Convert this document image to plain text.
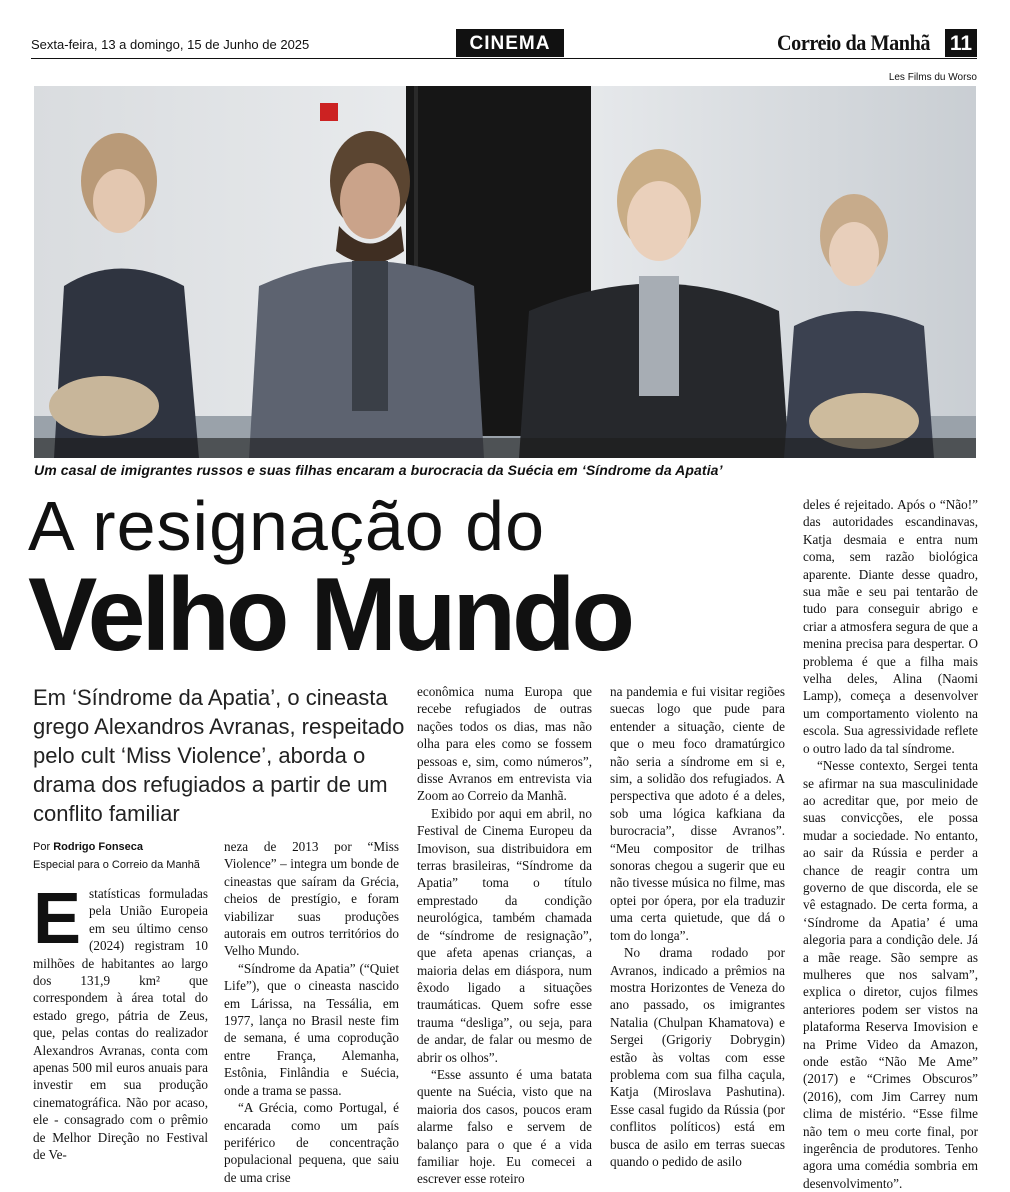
Sexta-feira, 13 a domingo, 15 de Junho de 2025	CINEMA	Correio da Manhã 11
Les Films du Worso
Um casal de imigrantes russos e suas filhas encaram a burocracia da Suécia em ‘Síndrome da Apatia’
A resignação do
Velho Mundo
Em ‘Síndrome da Apatia’, o cineasta grego Alexandros Avranas, respeitado pelo cult ‘Miss Violence’, aborda o drama dos refugiados a partir de um conflito familiar
Por Rodrigo Fonseca
Especial para o Correio da Manhã
E statísticas formuladas pela União Europeia em seu último censo (2024) registram 10 milhões de habitantes ao largo dos 131,9 km² que correspondem à área total do estado grego, pátria de Zeus, que, pelas contas do realizador Alexandros Avranas, conta com apenas 500 mil euros anuais para investir em sua produção cinematográfica. Não por acaso, ele - consagrado com o prêmio de Melhor Direção no Festival de Ve-

neza de 2013 por “Miss Violence” – integra um bonde de cineastas que saíram da Grécia, cheios de prestígio, e foram viabilizar suas produções autorais em outros territórios do Velho Mundo.

“Síndrome da Apatia” (“Quiet Life”), que o cineasta nascido em Lárissa, na Tessália, em 1977, lança no Brasil neste fim de semana, é uma coprodução entre França, Alemanha, Estônia, Finlândia e Suécia, onde a trama se passa.

“A Grécia, como Portugal, é encarada como um país periférico de concentração populacional pequena, que saiu de uma crise

econômica numa Europa que recebe refugiados de outras nações todos os dias, mas não olha para eles como se fossem pessoas e, sim, como números”, disse Avranos em entrevista via Zoom ao Correio da Manhã.

Exibido por aqui em abril, no Festival de Cinema Europeu da Imovison, sua distribuidora em terras brasileiras, “Síndrome da Apatia” toma o título emprestado da condição neurológica, também chamada de “síndrome de resignação”, que afeta apenas crianças, a maioria delas em diáspora, num êxodo ligado a situações traumáticas. Quem sofre esse trauma “desliga”, ou seja, para de andar, de falar ou mesmo de abrir os olhos”.

“Esse assunto é uma batata quente na Suécia, visto que na maioria dos casos, poucos eram alarme falso e servem de balanço para o que é a vida familiar hoje. Eu comecei a escrever esse roteiro

na pandemia e fui visitar regiões suecas logo que pude para entender a situação, ciente de que o meu foco dramatúrgico não seria a síndrome em si e, sim, a solidão dos refugiados. A perspectiva que adoto é a deles, sob uma lógica kafkiana da burocracia”, disse Avranos”. “Meu compositor de trilhas sonoras chegou a sugerir que eu não tivesse música no filme, mas optei por ópera, por ela traduzir uma certa quietude, que dá o tom do longa”.

No drama rodado por Avranos, indicado a prêmios na mostra Horizontes de Veneza do ano passado, os imigrantes Natalia (Chulpan Khamatova) e Sergei (Grigoriy Dobrygin) estão às voltas com esse problema com sua filha caçula, Katja (Miroslava Pashutina). Esse casal fugido da Rússia (por conflitos políticos) está em busca de asilo em terras suecas quando o pedido de asilo

deles é rejeitado. Após o “Não!” das autoridades escandinavas, Katja desmaia e entra num coma, sem razão biológica aparente. Diante desse quadro, sua mãe e seu pai tentarão de tudo para conseguir abrigo e criar a atmosfera segura de que a menina precisa para despertar. O problema é que a filha mais velha deles, Alina (Naomi Lamp), começa a desenvolver um comportamento violento na escola. Sua agressividade reflete o outro lado da tal síndrome.

“Nesse contexto, Sergei tenta se afirmar na sua masculinidade ao acreditar que, por meio de suas convicções, ele possa mudar a sociedade. No entanto, ao sair da Rússia e perder a chance de reagir contra um governo de que discorda, ele se vê estagnado. De certa forma, a ‘Síndrome da Apatia’ é uma alegoria para a condição dele. Já a mãe reage. São sempre as mulheres que nos salvam”, explica o diretor, cujos filmes anteriores podem ser vistos na plataforma Reserva Imovision e na Prime Video da Amazon, onde estão “Não Me Ame” (2017) e “Crimes Obscuros” (2016), com Jim Carrey num clima de mistério. “Esse filme não tem o meu corte final, por ingerência de produtores. Tenho agora uma comédia sombria em desenvolvimento”.
